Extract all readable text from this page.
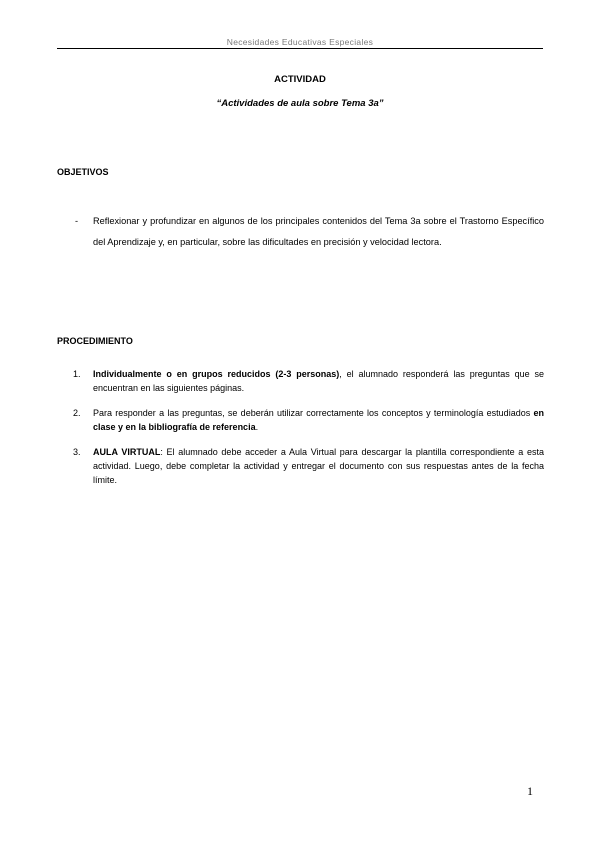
Necesidades Educativas Especiales

ACTIVIDAD

“Actividades de aula sobre Tema 3a”

OBJETIVOS
- Reflexionar y profundizar en algunos de los principales contenidos del Tema 3a sobre el Trastorno Específico del Aprendizaje y, en particular, sobre las dificultades en precisión y velocidad lectora.
PROCEDIMIENTO
1. Individualmente o en grupos reducidos (2-3 personas), el alumnado responderá las preguntas que se encuentran en las siguientes páginas.
2. Para responder a las preguntas, se deberán utilizar correctamente los conceptos y terminología estudiados en clase y en la bibliografía de referencia.
3. AULA VIRTUAL: El alumnado debe acceder a Aula Virtual para descargar la plantilla correspondiente a esta actividad. Luego, debe completar la actividad y entregar el documento con sus respuestas antes de la fecha límite.
1
